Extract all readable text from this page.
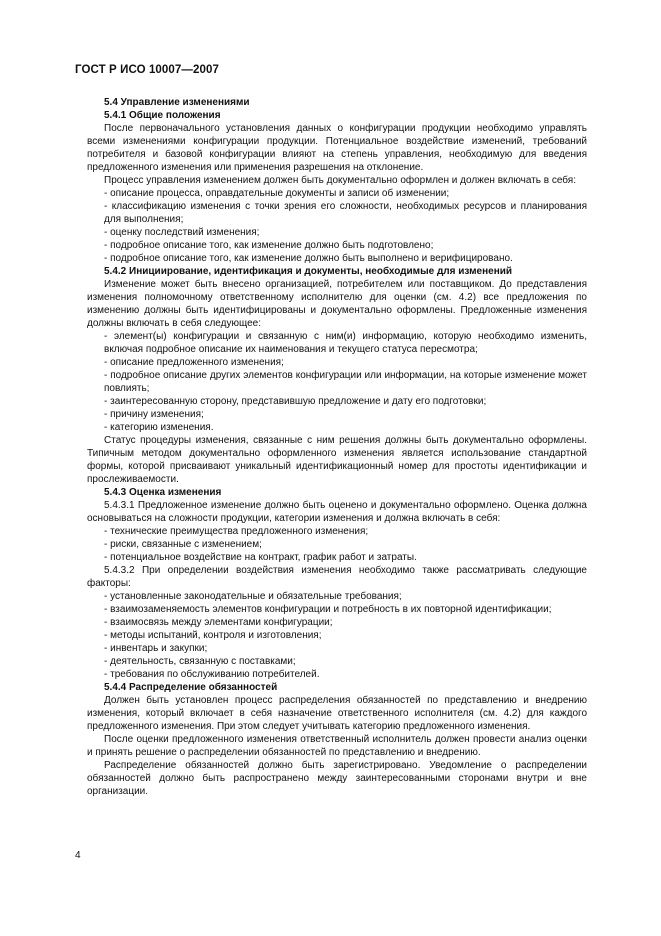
ГОСТ Р ИСО 10007—2007

5.4 Управление изменениями

5.4.1 Общие положения

После первоначального установления данных о конфигурации продукции необходимо управлять всеми изменениями конфигурации продукции. Потенциальное воздействие изменений, требований потребителя и базовой конфигурации влияют на степень управления, необходимую для введения предложенного изменения или применения разрешения на отклонение.

Процесс управления изменением должен быть документально оформлен и должен включать в себя:

- описание процесса, оправдательные документы и записи об изменении;

- классификацию изменения с точки зрения его сложности, необходимых ресурсов и планирования для выполнения;

- оценку последствий изменения;

- подробное описание того, как изменение должно быть подготовлено;

- подробное описание того, как изменение должно быть выполнено и верифицировано.

5.4.2 Инициирование, идентификация и документы, необходимые для изменений

Изменение может быть внесено организацией, потребителем или поставщиком. До представления изменения полномочному ответственному исполнителю для оценки (см. 4.2) все предложения по изменению должны быть идентифицированы и документально оформлены. Предложенные изменения должны включать в себя следующее:

- элемент(ы) конфигурации и связанную с ним(и) информацию, которую необходимо изменить, включая подробное описание их наименования и текущего статуса пересмотра;

- описание предложенного изменения;

- подробное описание других элементов конфигурации или информации, на которые изменение может повлиять;

- заинтересованную сторону, представившую предложение и дату его подготовки;

- причину изменения;

- категорию изменения.

Статус процедуры изменения, связанные с ним решения должны быть документально оформлены. Типичным методом документально оформленного изменения является использование стандартной формы, которой присваивают уникальный идентификационный номер для простоты идентификации и прослеживаемости.

5.4.3 Оценка изменения

5.4.3.1 Предложенное изменение должно быть оценено и документально оформлено. Оценка должна основываться на сложности продукции, категории изменения и должна включать в себя:

- технические преимущества предложенного изменения;

- риски, связанные с изменением;

- потенциальное воздействие на контракт, график работ и затраты.

5.4.3.2 При определении воздействия изменения необходимо также рассматривать следующие факторы:

- установленные законодательные и обязательные требования;

- взаимозаменяемость элементов конфигурации и потребность в их повторной идентификации;

- взаимосвязь между элементами конфигурации;

- методы испытаний, контроля и изготовления;

- инвентарь и закупки;

- деятельность, связанную с поставками;

- требования по обслуживанию потребителей.

5.4.4 Распределение обязанностей

Должен быть установлен процесс распределения обязанностей по представлению и внедрению изменения, который включает в себя назначение ответственного исполнителя (см. 4.2) для каждого предложенного изменения. При этом следует учитывать категорию предложенного изменения.

После оценки предложенного изменения ответственный исполнитель должен провести анализ оценки и принять решение о распределении обязанностей по представлению и внедрению.

Распределение обязанностей должно быть зарегистрировано. Уведомление о распределении обязанностей должно быть распространено между заинтересованными сторонами внутри и вне организации.

4
